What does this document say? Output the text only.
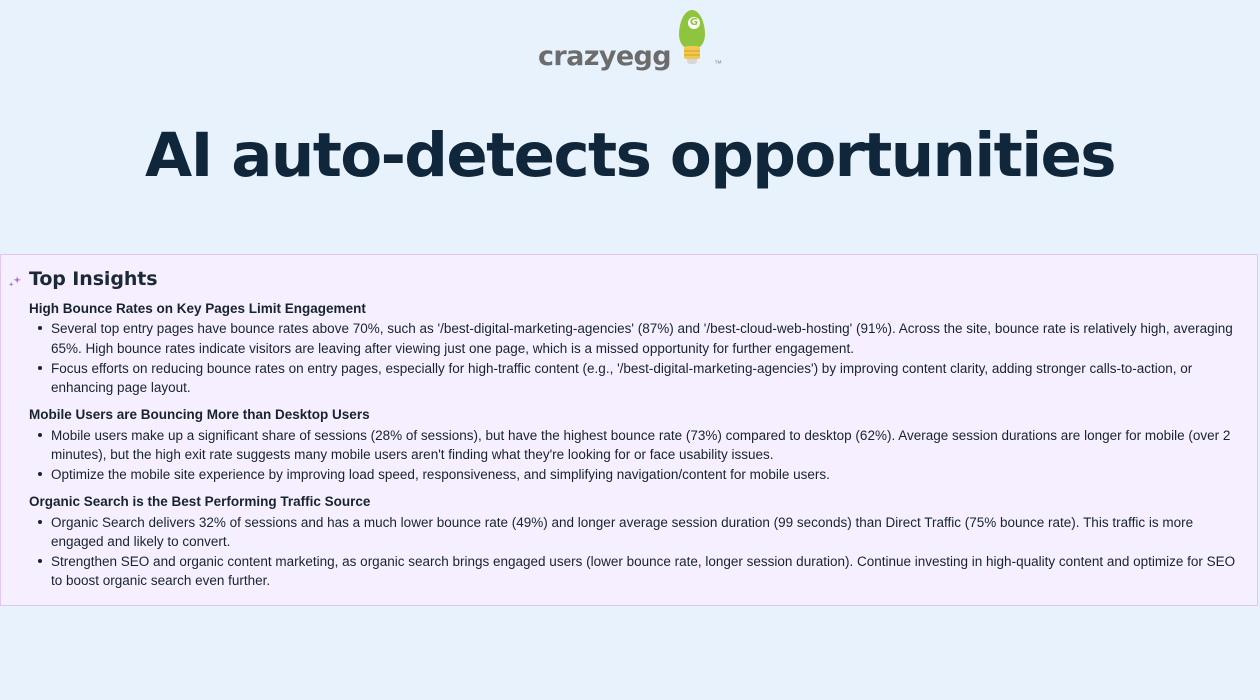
crazyegg
G
™
AI auto-detects opportunities
Top Insights
High Bounce Rates on Key Pages Limit Engagement
Several top entry pages have bounce rates above 70%, such as '/best-digital-marketing-agencies' (87%) and '/best-cloud-web-hosting' (91%). Across the site, bounce rate is relatively high, averaging 65%. High bounce rates indicate visitors are leaving after viewing just one page, which is a missed opportunity for further engagement.
Focus efforts on reducing bounce rates on entry pages, especially for high-traffic content (e.g., '/best-digital-marketing-agencies') by improving content clarity, adding stronger calls-to-action, or enhancing page layout.
Mobile Users are Bouncing More than Desktop Users
Mobile users make up a significant share of sessions (28% of sessions), but have the highest bounce rate (73%) compared to desktop (62%). Average session durations are longer for mobile (over 2 minutes), but the high exit rate suggests many mobile users aren't finding what they're looking for or face usability issues.
Optimize the mobile site experience by improving load speed, responsiveness, and simplifying navigation/content for mobile users.
Organic Search is the Best Performing Traffic Source
Organic Search delivers 32% of sessions and has a much lower bounce rate (49%) and longer average session duration (99 seconds) than Direct Traffic (75% bounce rate). This traffic is more engaged and likely to convert.
Strengthen SEO and organic content marketing, as organic search brings engaged users (lower bounce rate, longer session duration). Continue investing in high-quality content and optimize for SEO to boost organic search even further.
